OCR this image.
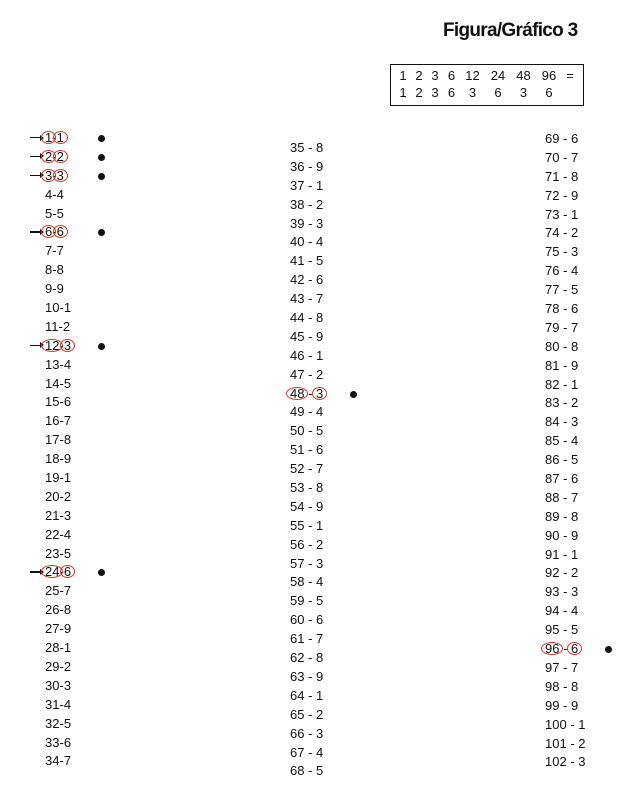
Figura/Gráfico 3
1	2	3	6	12	24	48	96	=
1	2	3	6	3	6	3	6	
1-1
2-2
3-3
4-4
5-5
6-6
7-7
8-8
9-9
10-1
11-2
12-3
13-4
14-5
15-6
16-7
17-8
18-9
19-1
20-2
21-3
22-4
23-5
24-6
25-7
26-8
27-9
28-1
29-2
30-3
31-4
32-5
33-6
34-7
35 - 8
36 - 9
37 - 1
38 - 2
39 - 3
40 - 4
41 - 5
42 - 6
43 - 7
44 - 8
45 - 9
46 - 1
47 - 2
48 - 3
49 - 4
50 - 5
51 - 6
52 - 7
53 - 8
54 - 9
55 - 1
56 - 2
57 - 3
58 - 4
59 - 5
60 - 6
61 - 7
62 - 8
63 - 9
64 - 1
65 - 2
66 - 3
67 - 4
68 - 5
69 - 6
70 - 7
71 - 8
72 - 9
73 - 1
74 - 2
75 - 3
76 - 4
77 - 5
78 - 6
79 - 7
80 - 8
81 - 9
82 - 1
83 - 2
84 - 3
85 - 4
86 - 5
87 - 6
88 - 7
89 - 8
90 - 9
91 - 1
92 - 2
93 - 3
94 - 4
95 - 5
96 - 6
97 - 7
98 - 8
99 - 9
100 - 1
101 - 2
102 - 3
